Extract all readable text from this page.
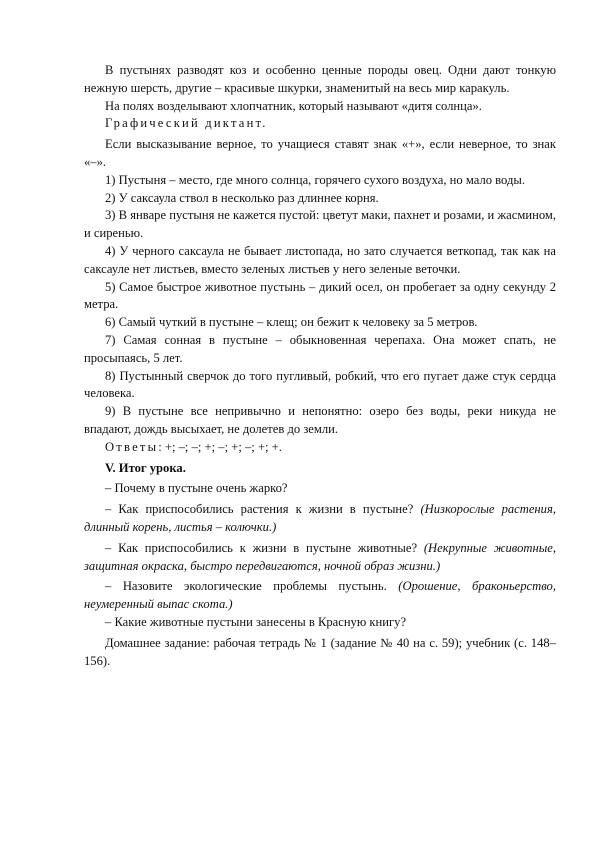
В пустынях разводят коз и особенно ценные породы овец. Одни дают тонкую нежную шерсть, другие – красивые шкурки, знаменитый на весь мир каракуль.

На полях возделывают хлопчатник, который называют «дитя солнца».

Графический диктант.

Если высказывание верное, то учащиеся ставят знак «+», если неверное, то знак «–».

1) Пустыня – место, где много солнца, горячего сухого воздуха, но мало воды.

2) У саксаула ствол в несколько раз длиннее корня.

3) В январе пустыня не кажется пустой: цветут маки, пахнет и розами, и жасмином, и сиренью.

4) У черного саксаула не бывает листопада, но зато случается веткопад, так как на саксауле нет листьев, вместо зеленых листьев у него зеленые веточки.

5) Самое быстрое животное пустынь – дикий осел, он пробегает за одну секунду 2 метра.

6) Самый чуткий в пустыне – клещ; он бежит к человеку за 5 метров.

7) Самая сонная в пустыне – обыкновенная черепаха. Она может спать, не просыпаясь, 5 лет.

8) Пустынный сверчок до того пугливый, робкий, что его пугает даже стук сердца человека.

9) В пустыне все непривычно и непонятно: озеро без воды, реки никуда не впадают, дождь высыхает, не долетев до земли.

Ответы: +; –; –; +; –; +; –; +; +.

V. Итог урока.

– Почему в пустыне очень жарко?

– Как приспособились растения к жизни в пустыне? (Низкорослые растения, длинный корень, листья – колючки.)

– Как приспособились к жизни в пустыне животные? (Некрупные животные, защитная окраска, быстро передвигаются, ночной образ жизни.)

– Назовите экологические проблемы пустынь. (Орошение, браконьерство, неумеренный выпас скота.)

– Какие животные пустыни занесены в Красную книгу?

Домашнее задание: рабочая тетрадь № 1 (задание № 40 на с. 59); учебник (с. 148–156).
